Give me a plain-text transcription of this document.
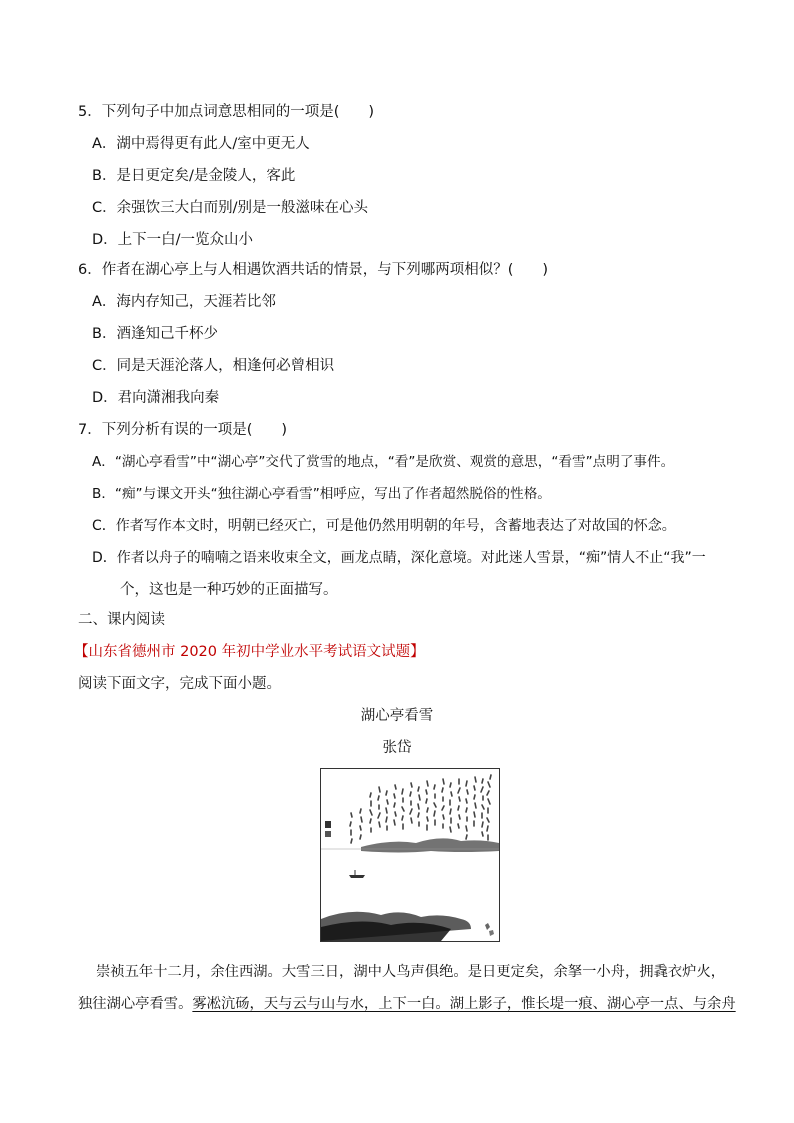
5．下列句子中加点词意思相同的一项是(　　)
A．湖中焉得更有此人/室中更无人
B．是日更定矣/是金陵人，客此
C．余强饮三大白而别/别是一般滋味在心头
D．上下一白/一览众山小
6．作者在湖心亭上与人相遇饮酒共话的情景，与下列哪两项相似？(　　)
A．海内存知己，天涯若比邻
B．酒逢知己千杯少
C．同是天涯沦落人，相逢何必曾相识
D．君向潇湘我向秦
7．下列分析有误的一项是(　　)
A．“湖心亭看雪”中“湖心亭”交代了赏雪的地点，“看”是欣赏、观赏的意思，“看雪”点明了事件。
B．“痴”与课文开头“独往湖心亭看雪”相呼应，写出了作者超然脱俗的性格。
C．作者写作本文时，明朝已经灭亡，可是他仍然用明朝的年号，含蓄地表达了对故国的怀念。
D．作者以舟子的喃喃之语来收束全文，画龙点睛，深化意境。对此迷人雪景，“痴”情人不止“我”一
个，这也是一种巧妙的正面描写。
二、课内阅读
【山东省德州市 2020 年初中学业水平考试语文试题】
阅读下面文字，完成下面小题。
湖心亭看雪
张岱
崇祯五年十二月，余住西湖。大雪三日，湖中人鸟声俱绝。是日更定矣，余拏一小舟，拥毳衣炉火，
独往湖心亭看雪。雾凇沆砀，天与云与山与水，上下一白。湖上影子，惟长堤一痕、湖心亭一点、与余舟
